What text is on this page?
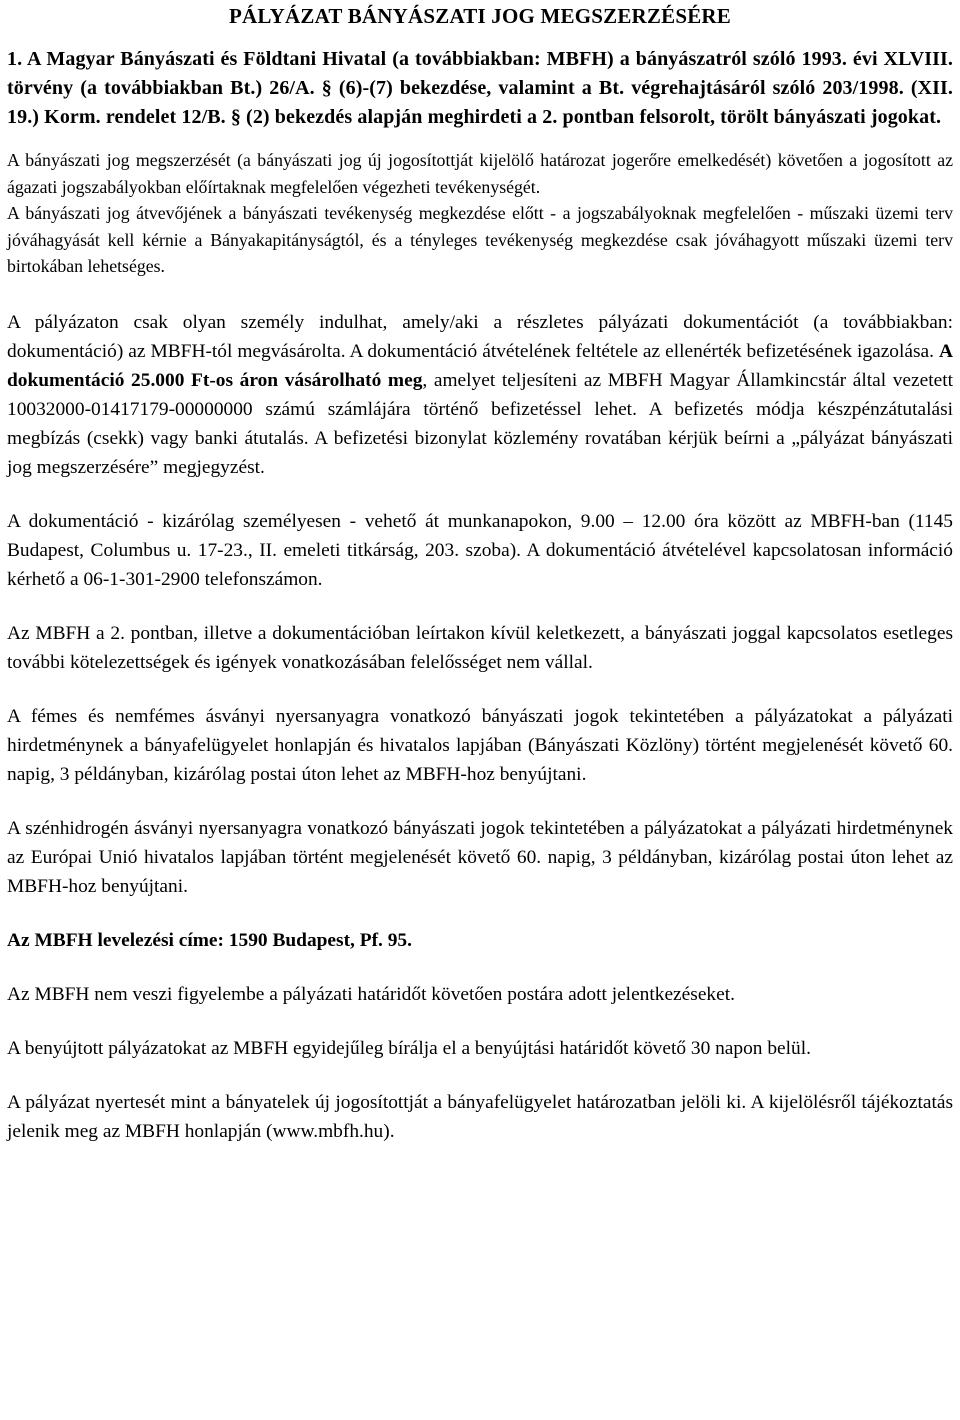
PÁLYÁZAT BÁNYÁSZATI JOG MEGSZERZÉSÉRE

1. A Magyar Bányászati és Földtani Hivatal (a továbbiakban: MBFH) a bányászatról szóló 1993. évi XLVIII. törvény (a továbbiakban Bt.) 26/A. § (6)-(7) bekezdése, valamint a Bt. végrehajtásáról szóló 203/1998. (XII. 19.) Korm. rendelet 12/B. § (2) bekezdés alapján meghirdeti a 2. pontban felsorolt, törölt bányászati jogokat.

A bányászati jog megszerzését (a bányászati jog új jogosítottját kijelölő határozat jogerőre emelkedését) követően a jogosított az ágazati jogszabályokban előírtaknak megfelelően végezheti tevékenységét.

A bányászati jog átvevőjének a bányászati tevékenység megkezdése előtt - a jogszabályoknak megfelelően - műszaki üzemi terv jóváhagyását kell kérnie a Bányakapitányságtól, és a tényleges tevékenység megkezdése csak jóváhagyott műszaki üzemi terv birtokában lehetséges.

A pályázaton csak olyan személy indulhat, amely/aki a részletes pályázati dokumentációt (a továbbiakban: dokumentáció) az MBFH-tól megvásárolta. A dokumentáció átvételének feltétele az ellenérték befizetésének igazolása. A dokumentáció 25.000 Ft-os áron vásárolható meg, amelyet teljesíteni az MBFH Magyar Államkincstár által vezetett 10032000-01417179-00000000 számú számlájára történő befizetéssel lehet. A befizetés módja készpénzátutalási megbízás (csekk) vagy banki átutalás. A befizetési bizonylat közlemény rovatában kérjük beírni a „pályázat bányászati jog megszerzésére” megjegyzést.

A dokumentáció - kizárólag személyesen - vehető át munkanapokon, 9.00 – 12.00 óra között az MBFH-ban (1145 Budapest, Columbus u. 17-23., II. emeleti titkárság, 203. szoba). A dokumentáció átvételével kapcsolatosan információ kérhető a 06-1-301-2900 telefonszámon.

Az MBFH a 2. pontban, illetve a dokumentációban leírtakon kívül keletkezett, a bányászati joggal kapcsolatos esetleges további kötelezettségek és igények vonatkozásában felelősséget nem vállal.

A fémes és nemfémes ásványi nyersanyagra vonatkozó bányászati jogok tekintetében a pályázatokat a pályázati hirdetménynek a bányafelügyelet honlapján és hivatalos lapjában (Bányászati Közlöny) történt megjelenését követő 60. napig, 3 példányban, kizárólag postai úton lehet az MBFH-hoz benyújtani.

A szénhidrogén ásványi nyersanyagra vonatkozó bányászati jogok tekintetében a pályázatokat a pályázati hirdetménynek az Európai Unió hivatalos lapjában történt megjelenését követő 60. napig, 3 példányban, kizárólag postai úton lehet az MBFH-hoz benyújtani.

Az MBFH levelezési címe: 1590 Budapest, Pf. 95.

Az MBFH nem veszi figyelembe a pályázati határidőt követően postára adott jelentkezéseket.

A benyújtott pályázatokat az MBFH egyidejűleg bírálja el a benyújtási határidőt követő 30 napon belül.

A pályázat nyertesét mint a bányatelek új jogosítottját a bányafelügyelet határozatban jelöli ki. A kijelölésről tájékoztatás jelenik meg az MBFH honlapján (www.mbfh.hu).
